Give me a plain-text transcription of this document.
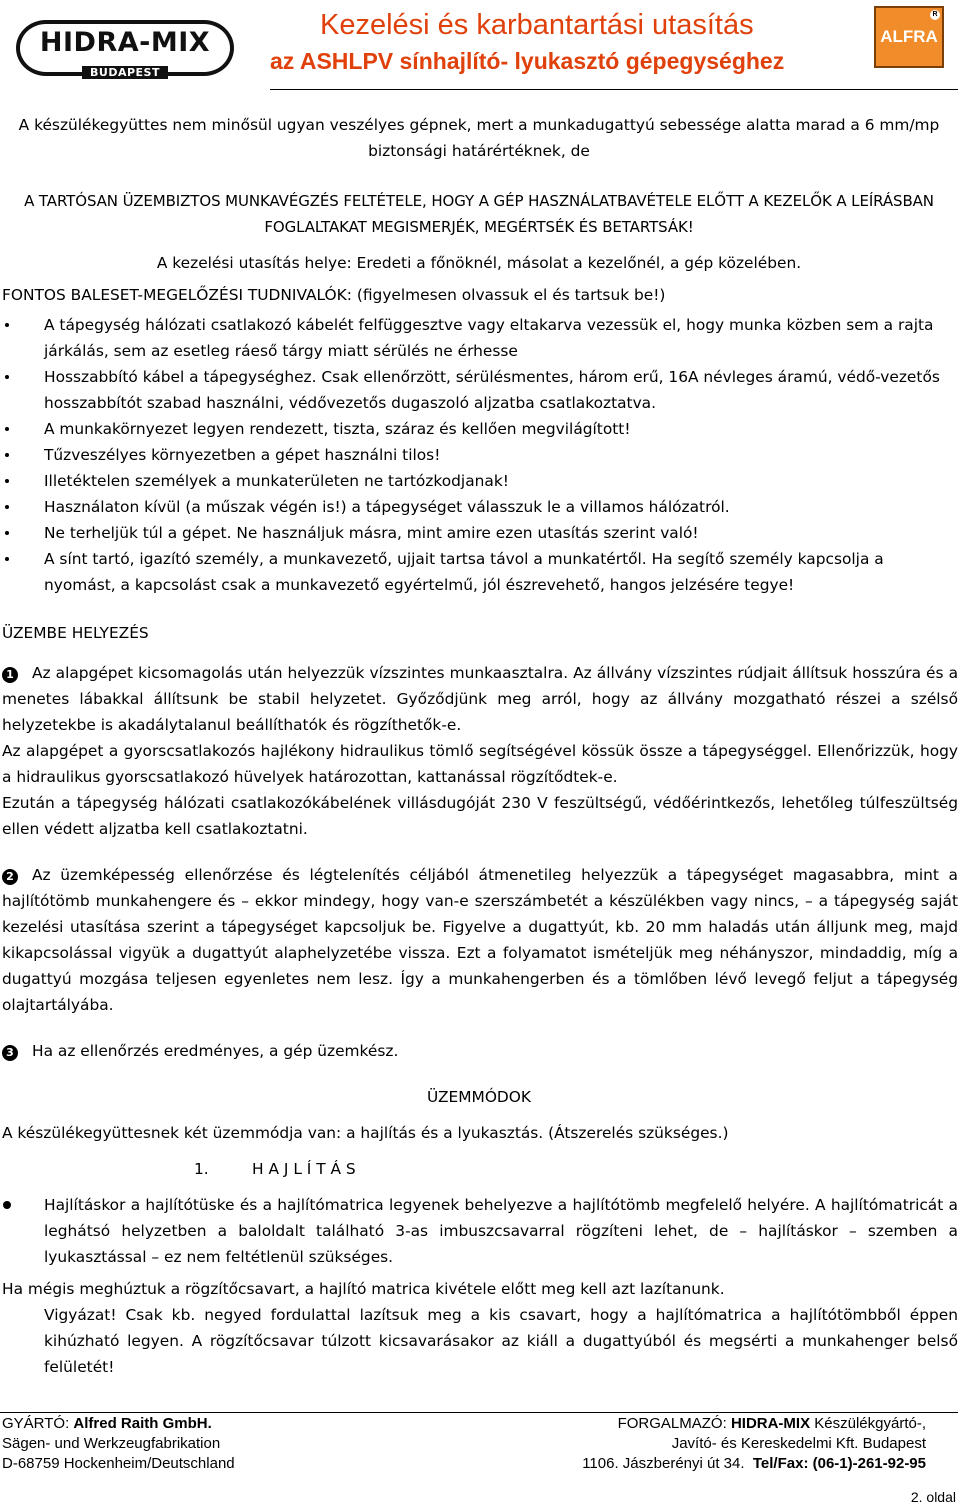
HIDRA-MIX
BUDAPEST
Kezelési és karbantartási utasítás
az ASHLPV sínhajlító- lyukasztó gépegységhez
ALFRA
R

A készülékegyüttes nem minősül ugyan veszélyes gépnek, mert a munkadugattyú sebessége alatta marad a 6 mm/mp biztonsági határértéknek, de

A TARTÓSAN ÜZEMBIZTOS MUNKAVÉGZÉS FELTÉTELE, HOGY A GÉP HASZNÁLATBAVÉTELE ELŐTT A KEZELŐK A LEÍRÁSBAN FOGLALTAKAT MEGISMERJÉK, MEGÉRTSÉK ÉS BETARTSÁK!

A kezelési utasítás helye: Eredeti a főnöknél, másolat a kezelőnél, a gép közelében.

FONTOS BALESET-MEGELŐZÉSI TUDNIVALÓK: (figyelmesen olvassuk el és tartsuk be!)

A tápegység hálózati csatlakozó kábelét felfüggesztve vagy eltakarva vezessük el, hogy munka közben sem a rajta járkálás, sem az esetleg ráeső tárgy miatt sérülés ne érhesse
Hosszabbító kábel a tápegységhez. Csak ellenőrzött, sérülésmentes, három erű, 16A névleges áramú, védő-vezetős hosszabbítót szabad használni, védővezetős dugaszoló aljzatba csatlakoztatva.
A munkakörnyezet legyen rendezett, tiszta, száraz és kellően megvilágított!
Tűzveszélyes környezetben a gépet használni tilos!
Illetéktelen személyek a munkaterületen ne tartózkodjanak!
Használaton kívül (a műszak végén is!) a tápegységet válasszuk le a villamos hálózatról.
Ne terheljük túl a gépet. Ne használjuk másra, mint amire ezen utasítás szerint való!
A sínt tartó, igazító személy, a munkavezető, ujjait tartsa távol a munkatértől. Ha segítő személy kapcsolja a nyomást, a kapcsolást csak a munkavezető egyértelmű, jól észrevehető, hangos jelzésére tegye!

ÜZEMBE HELYEZÉS

1 Az alapgépet kicsomagolás után helyezzük vízszintes munkaasztalra. Az állvány vízszintes rúdjait állítsuk hosszúra és a menetes lábakkal állítsunk be stabil helyzetet. Győződjünk meg arról, hogy az állvány mozgatható részei a szélső helyzetekbe is akadálytalanul beállíthatók és rögzíthetők-e.

Az alapgépet a gyorscsatlakozós hajlékony hidraulikus tömlő segítségével kössük össze a tápegységgel. Ellenőrizzük, hogy a hidraulikus gyorscsatlakozó hüvelyek határozottan, kattanással rögzítődtek-e.

Ezután a tápegység hálózati csatlakozókábelének villásdugóját 230 V feszültségű, védőérintkezős, lehetőleg túlfeszültség ellen védett aljzatba kell csatlakoztatni.

2 Az üzemképesség ellenőrzése és légtelenítés céljából átmenetileg helyezzük a tápegységet magasabbra, mint a hajlítótömb munkahengere és – ekkor mindegy, hogy van-e szerszámbetét a készülékben vagy nincs, – a tápegység saját kezelési utasítása szerint a tápegységet kapcsoljuk be. Figyelve a dugattyút, kb. 20 mm haladás után álljunk meg, majd kikapcsolással vigyük a dugattyút alaphelyzetébe vissza. Ezt a folyamatot ismételjük meg néhányszor, mindaddig, míg a dugattyú mozgása teljesen egyenletes nem lesz. Így a munkahengerben és a tömlőben lévő levegő feljut a tápegység olajtartályába.

3 Ha az ellenőrzés eredményes, a gép üzemkész.

ÜZEMMÓDOK

A készülékegyüttesnek két üzemmódja van: a hajlítás és a lyukasztás. (Átszerelés szükséges.)

1.	H A J L Í T Á S

Hajlításkor a hajlítótüske és a hajlítómatrica legyenek behelyezve a hajlítótömb megfelelő helyére. A hajlítómatricát a leghátsó helyzetben a baloldalt található 3-as imbuszcsavarral rögzíteni lehet, de – hajlításkor – szemben a lyukasztással – ez nem feltétlenül szükséges.

Ha mégis meghúztuk a rögzítőcsavart, a hajlító matrica kivétele előtt meg kell azt lazítanunk.

Vigyázat! Csak kb. negyed fordulattal lazítsuk meg a kis csavart, hogy a hajlítómatrica a hajlítótömbből éppen kihúzható legyen. A rögzítőcsavar túlzott kicsavarásakor az kiáll a dugattyúból és megsérti a munkahenger belső felületét!

GYÁRTÓ: Alfred Raith GmbH.
Sägen- und Werkzeugfabrikation
D-68759 Hockenheim/Deutschland
FORGALMAZÓ: HIDRA-MIX Készülékgyártó-,
Javító- és Kereskedelmi Kft. Budapest
1106. Jászberényi út 34.  Tel/Fax: (06-1)-261-92-95
2. oldal
